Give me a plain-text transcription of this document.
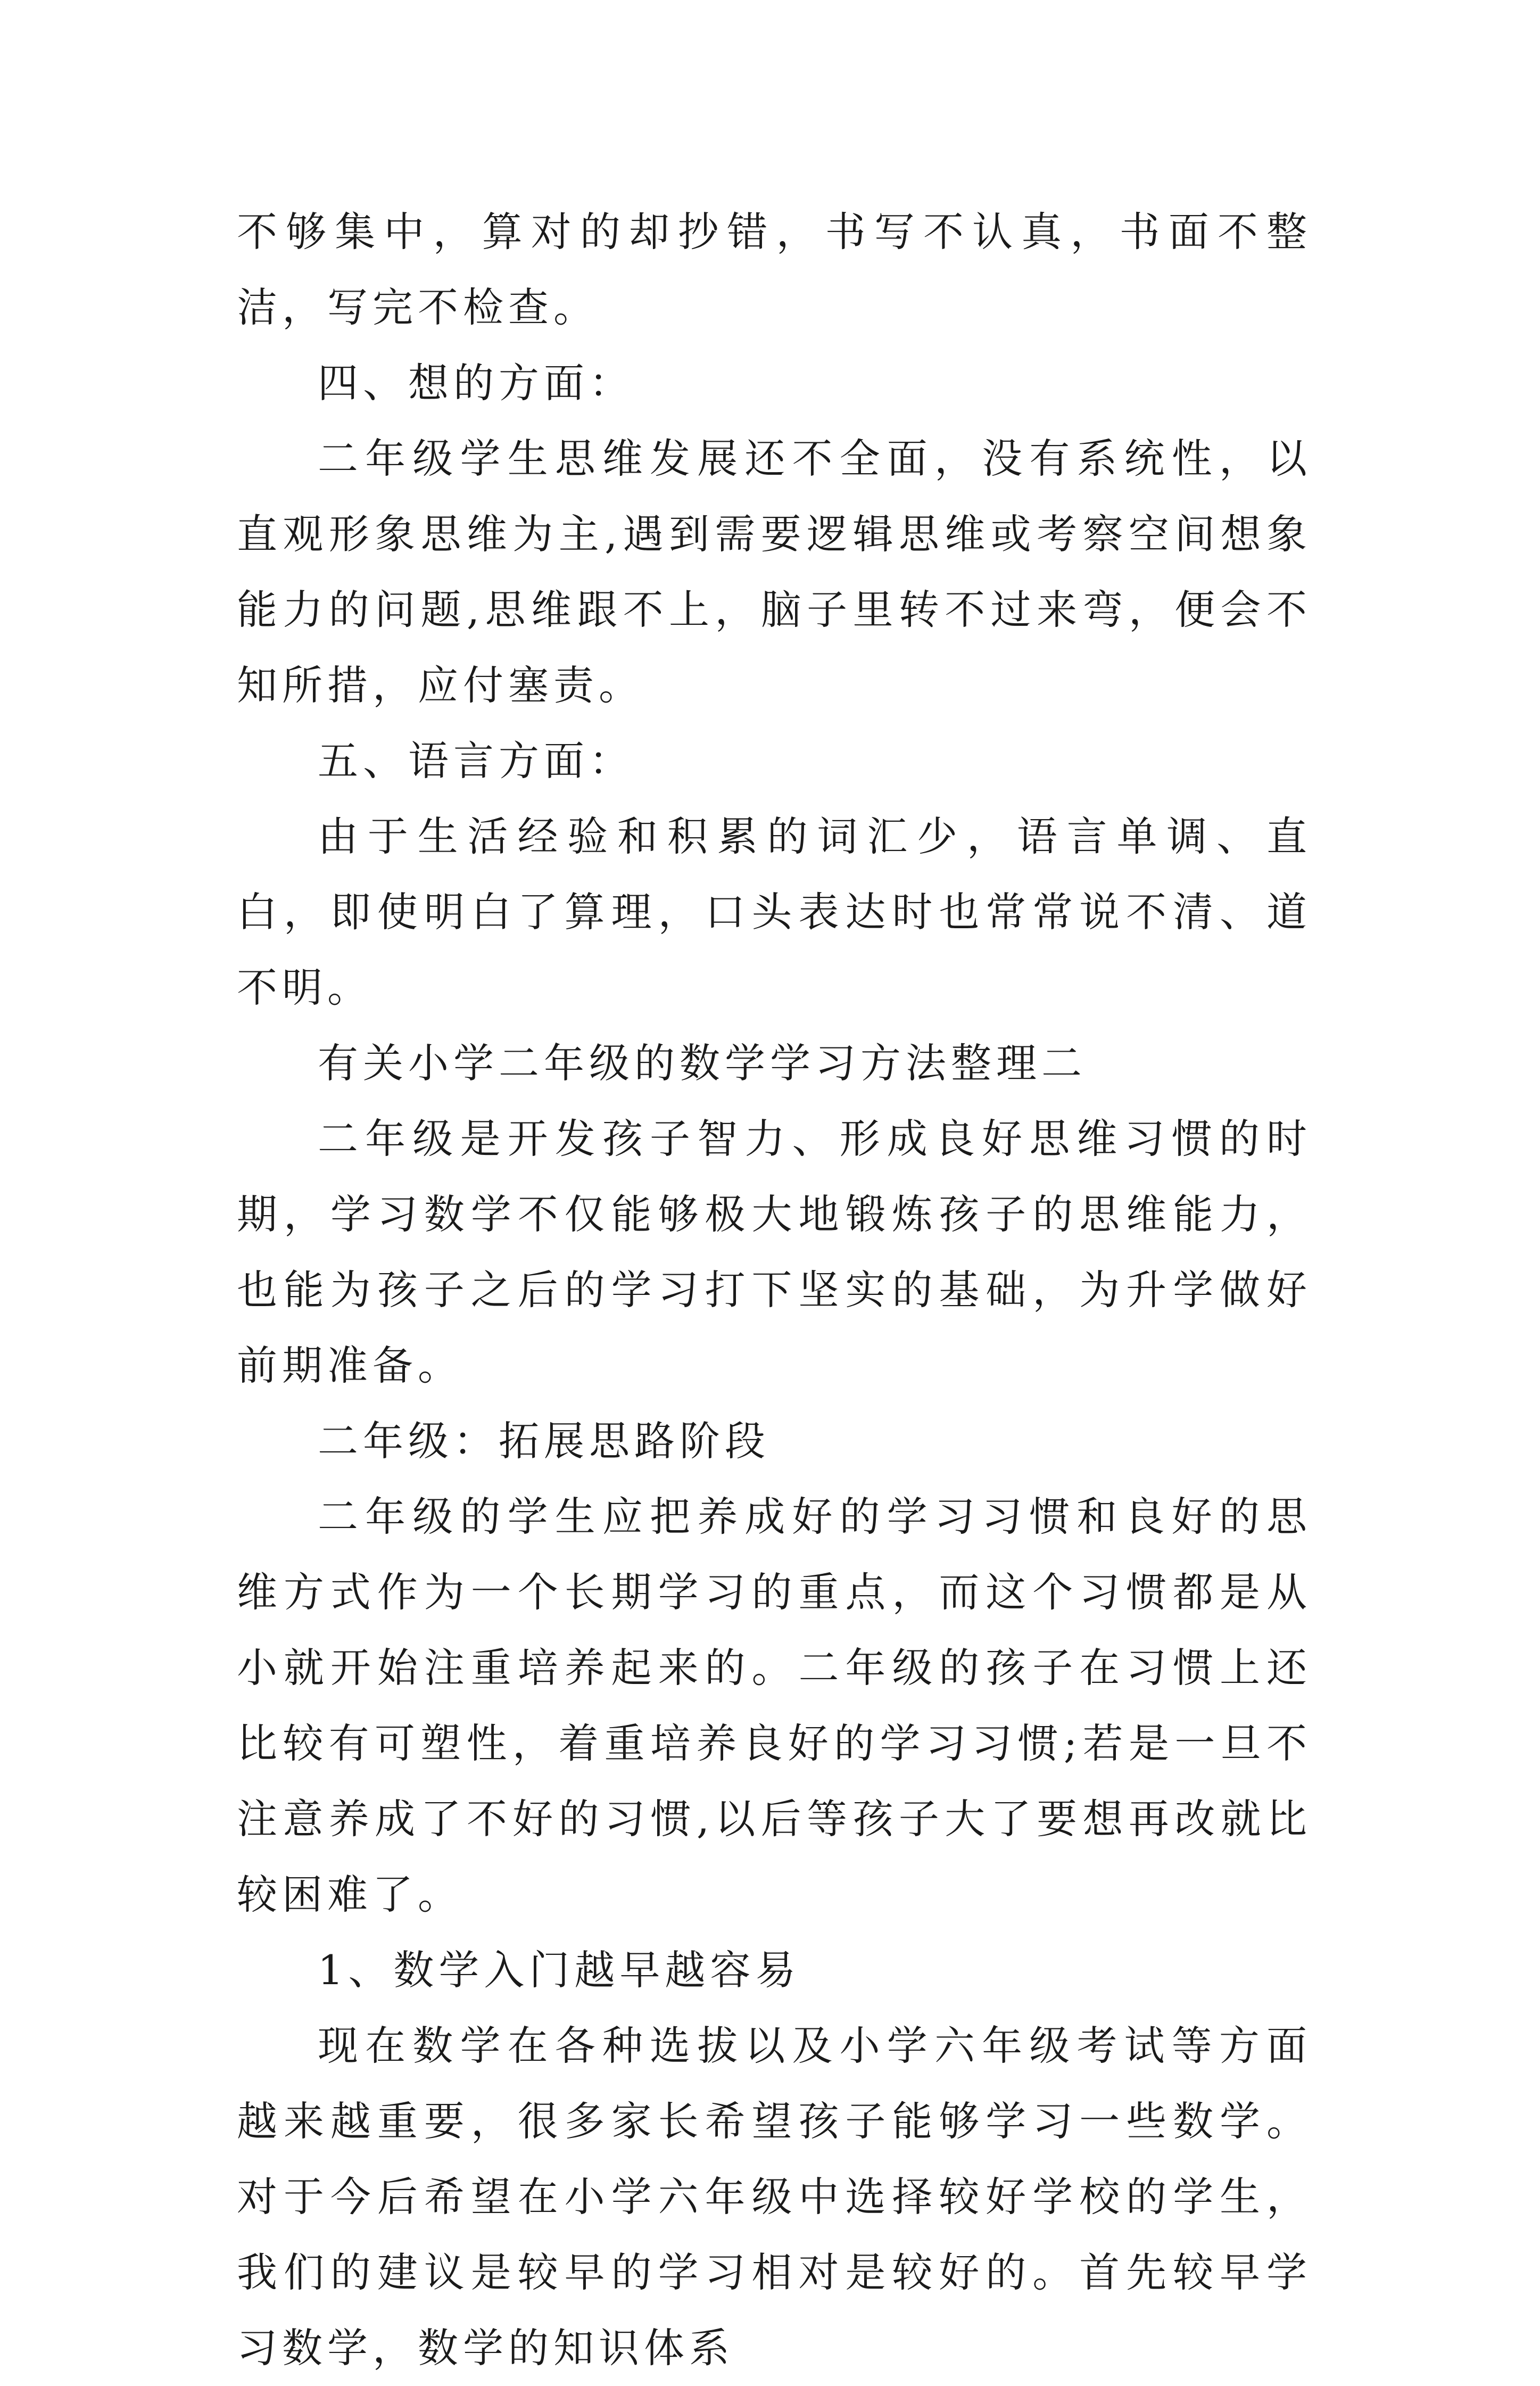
不够集中，算对的却抄错，书写不认真，书面不整洁，写完不检查。

四、想的方面：

二年级学生思维发展还不全面，没有系统性，以直观形象思维为主,遇到需要逻辑思维或考察空间想象能力的问题,思维跟不上，脑子里转不过来弯，便会不知所措，应付塞责。

五、语言方面：

由于生活经验和积累的词汇少，语言单调、直白，即使明白了算理，口头表达时也常常说不清、道不明。

有关小学二年级的数学学习方法整理二

二年级是开发孩子智力、形成良好思维习惯的时期，学习数学不仅能够极大地锻炼孩子的思维能力，也能为孩子之后的学习打下坚实的基础，为升学做好前期准备。

二年级：拓展思路阶段

二年级的学生应把养成好的学习习惯和良好的思维方式作为一个长期学习的重点，而这个习惯都是从小就开始注重培养起来的。二年级的孩子在习惯上还比较有可塑性，着重培养良好的学习习惯;若是一旦不注意养成了不好的习惯,以后等孩子大了要想再改就比较困难了。

1、数学入门越早越容易

现在数学在各种选拔以及小学六年级考试等方面越来越重要，很多家长希望孩子能够学习一些数学。对于今后希望在小学六年级中选择较好学校的学生，我们的建议是较早的学习相对是较好的。首先较早学习数学，数学的知识体系
